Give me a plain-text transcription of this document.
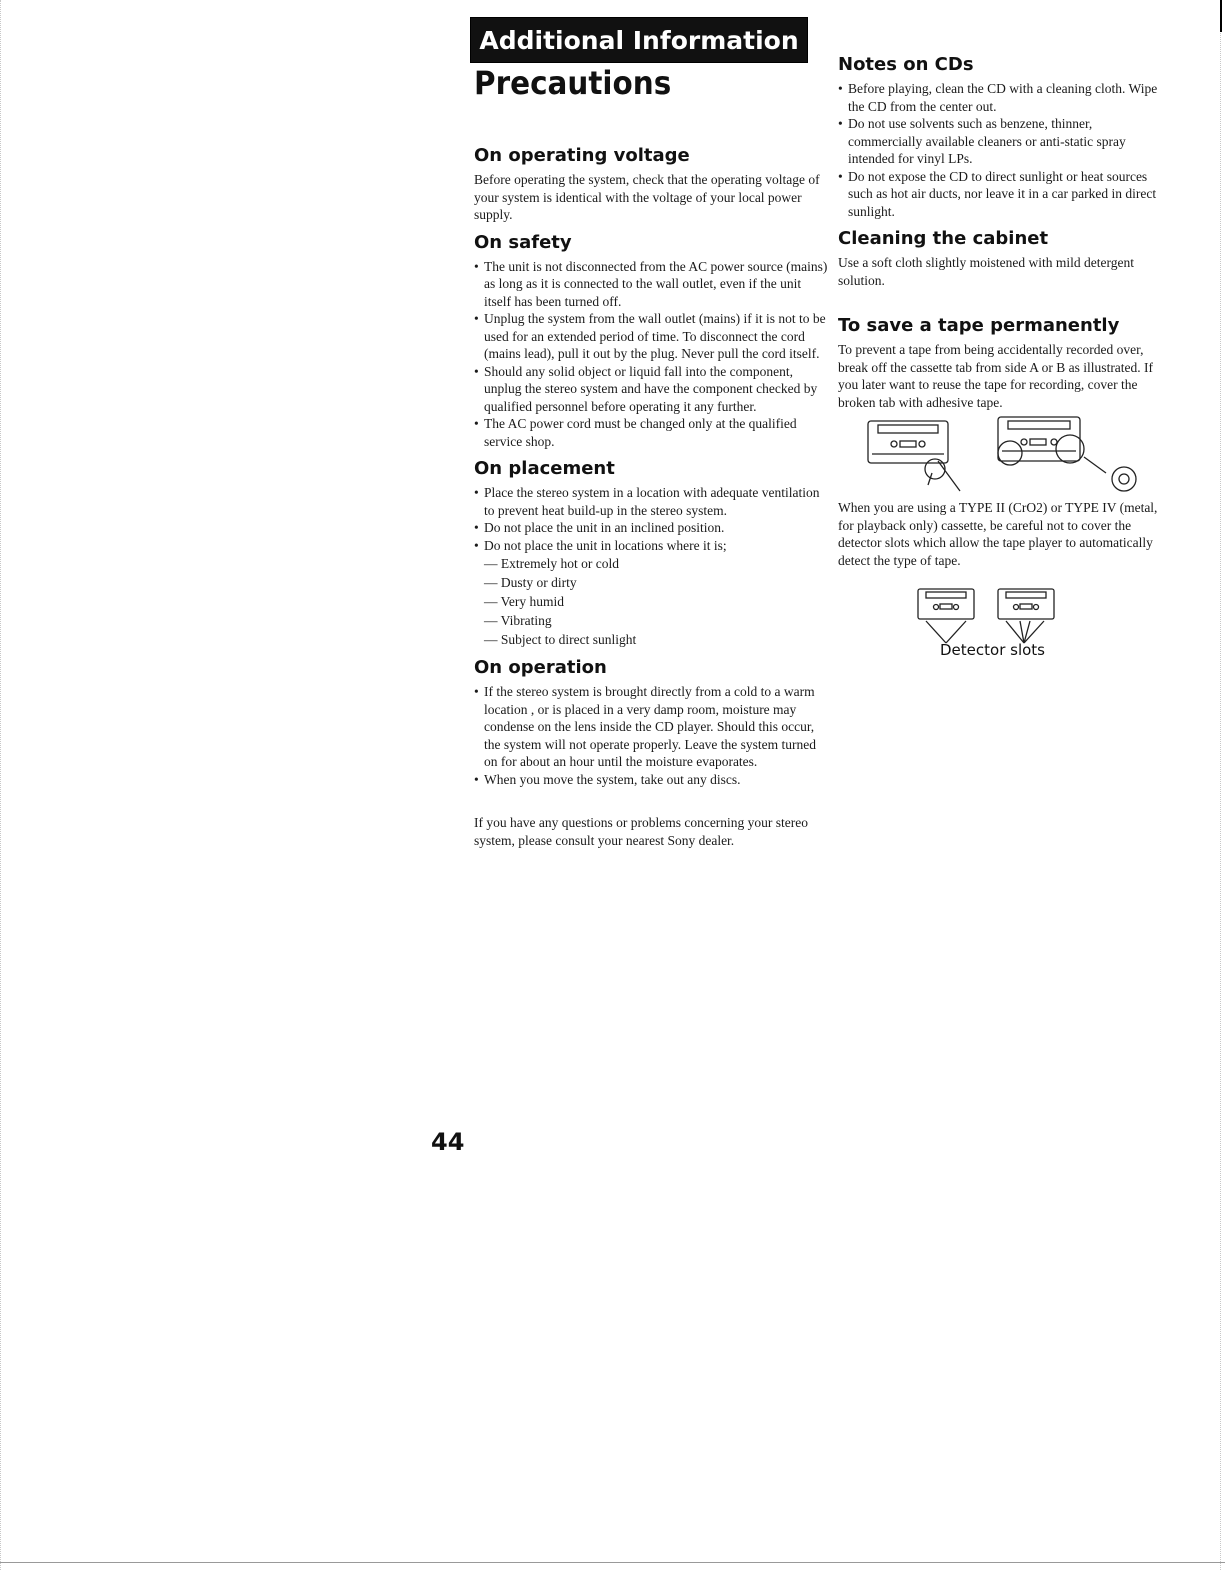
Additional Information
Precautions
On operating voltage

Before operating the system, check that the operating voltage of your system is identical with the voltage of your local power supply.

On safety
• The unit is not disconnected from the AC power source (mains) as long as it is connected to the wall outlet, even if the unit itself has been turned off.
• Unplug the system from the wall outlet (mains) if it is not to be used for an extended period of time. To disconnect the cord (mains lead), pull it out by the plug. Never pull the cord itself.
• Should any solid object or liquid fall into the component, unplug the stereo system and have the component checked by qualified personnel before operating it any further.
• The AC power cord must be changed only at the qualified service shop.
On placement
• Place the stereo system in a location with adequate ventilation to prevent heat build-up in the stereo system.
• Do not place the unit in an inclined position.
• Do not place the unit in locations where it is;
— Extremely hot or cold
— Dusty or dirty
— Very humid
— Vibrating
— Subject to direct sunlight
On operation
• If the stereo system is brought directly from a cold to a warm location , or is placed in a very damp room, moisture may condense on the lens inside the CD player. Should this occur, the system will not operate properly. Leave the system turned on for about an hour until the moisture evaporates.
• When you move the system, take out any discs.

If you have any questions or problems concerning your stereo system, please consult your nearest Sony dealer.

Notes on CDs
• Before playing, clean the CD with a cleaning cloth. Wipe the CD from the center out.
• Do not use solvents such as benzene, thinner, commercially available cleaners or anti-static spray intended for vinyl LPs.
• Do not expose the CD to direct sunlight or heat sources such as hot air ducts, nor leave it in a car parked in direct sunlight.
Cleaning the cabinet

Use a soft cloth slightly moistened with mild detergent solution.

To save a tape permanently

To prevent a tape from being accidentally recorded over, break off the cassette tab from side A or B as illustrated. If you later want to reuse the tape for recording, cover the broken tab with adhesive tape.

When you are using a TYPE II (CrO2) or TYPE IV (metal, for playback only) cassette, be careful not to cover the detector slots which allow the tape player to automatically detect the type of tape.

Detector slots
44
